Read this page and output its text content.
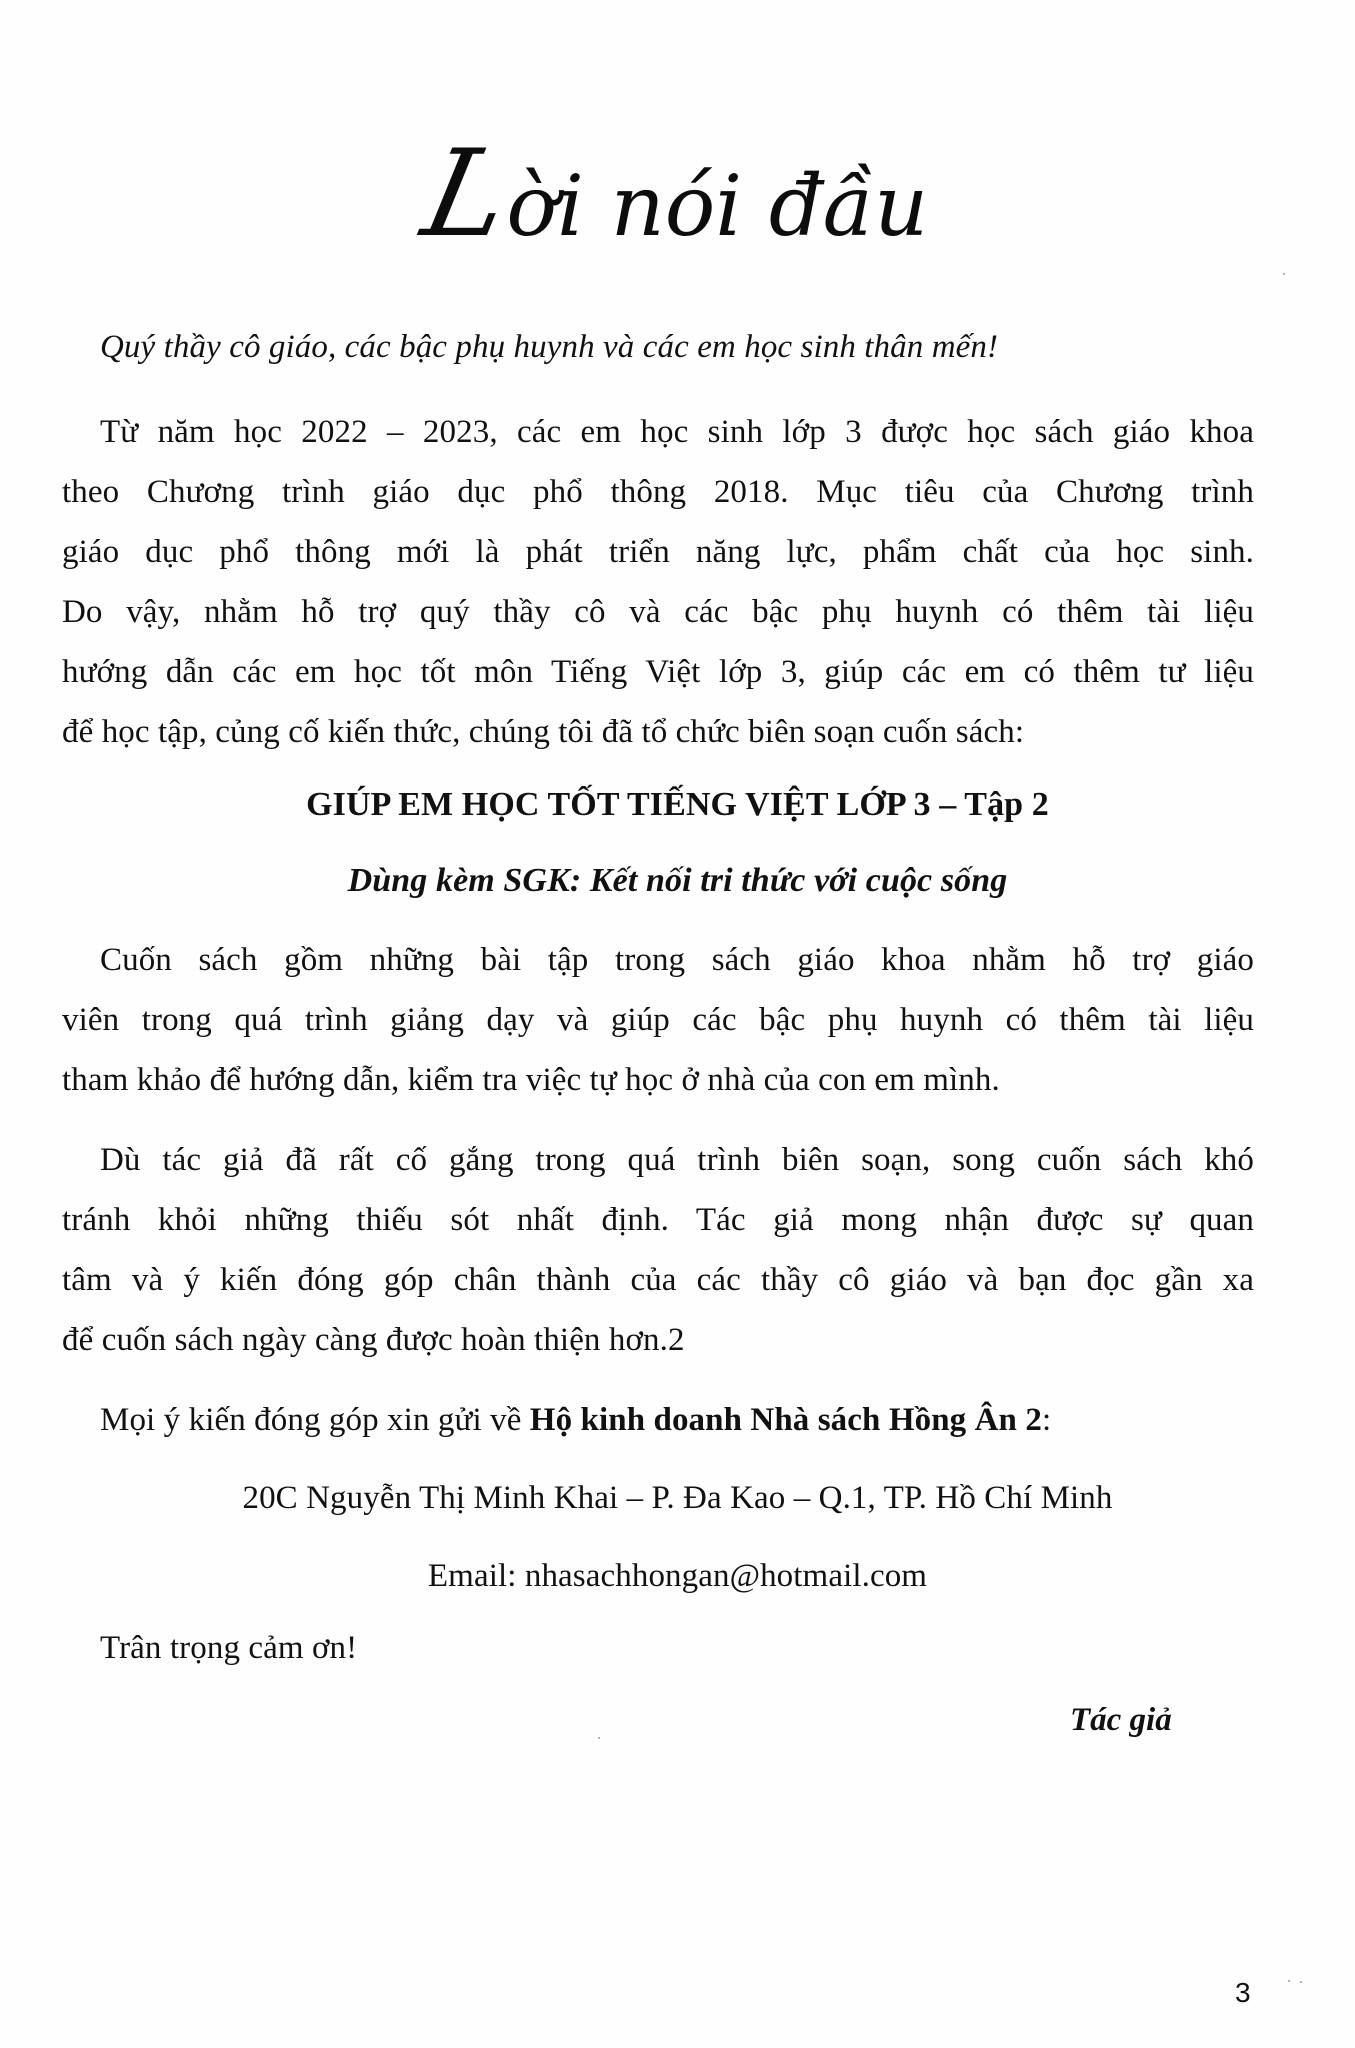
Lời nói đầu
Quý thầy cô giáo, các bậc phụ huynh và các em học sinh thân mến!
Từ năm học 2022 – 2023, các em học sinh lớp 3 được học sách giáo khoa
theo Chương trình giáo dục phổ thông 2018. Mục tiêu của Chương trình
giáo dục phổ thông mới là phát triển năng lực, phẩm chất của học sinh.
Do vậy, nhằm hỗ trợ quý thầy cô và các bậc phụ huynh có thêm tài liệu
hướng dẫn các em học tốt môn Tiếng Việt lớp 3, giúp các em có thêm tư liệu
để học tập, củng cố kiến thức, chúng tôi đã tổ chức biên soạn cuốn sách:
GIÚP EM HỌC TỐT TIẾNG VIỆT LỚP 3 – Tập 2
Dùng kèm SGK: Kết nối tri thức với cuộc sống
Cuốn sách gồm những bài tập trong sách giáo khoa nhằm hỗ trợ giáo
viên trong quá trình giảng dạy và giúp các bậc phụ huynh có thêm tài liệu
tham khảo để hướng dẫn, kiểm tra việc tự học ở nhà của con em mình.
Dù tác giả đã rất cố gắng trong quá trình biên soạn, song cuốn sách khó
tránh khỏi những thiếu sót nhất định. Tác giả mong nhận được sự quan
tâm và ý kiến đóng góp chân thành của các thầy cô giáo và bạn đọc gần xa
để cuốn sách ngày càng được hoàn thiện hơn.2
Mọi ý kiến đóng góp xin gửi về Hộ kinh doanh Nhà sách Hồng Ân 2:
20C Nguyễn Thị Minh Khai – P. Đa Kao – Q.1, TP. Hồ Chí Minh
Email: nhasachhongan@hotmail.com
Trân trọng cảm ơn!
Tác giả
3
